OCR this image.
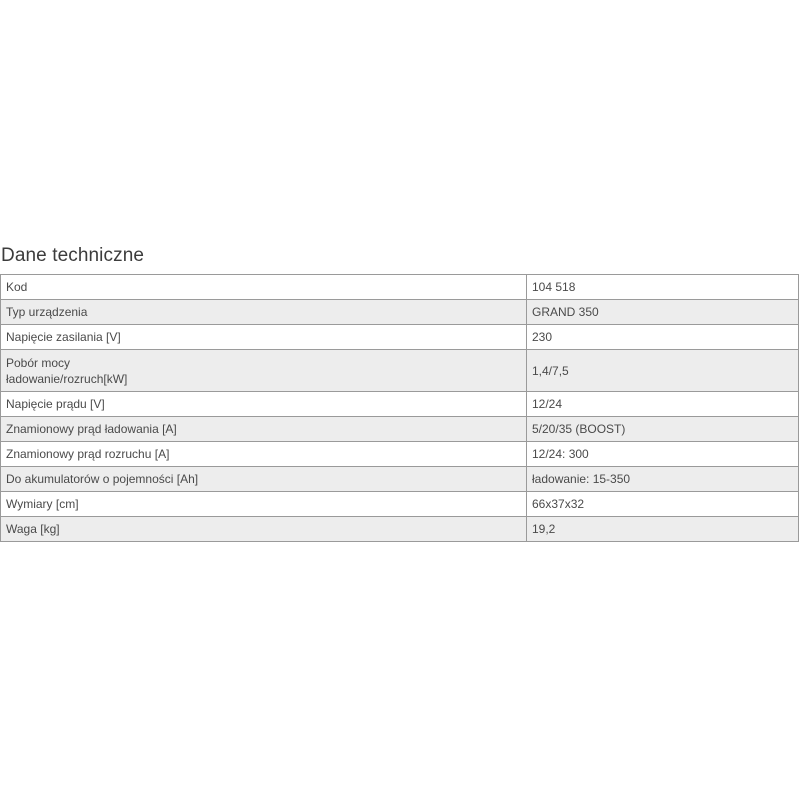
Dane techniczne
Kod	104 518
Typ urządzenia	GRAND 350
Napięcie zasilania [V]	230

Pobór mocy
ładowanie/rozruch[kW]	1,4/7,5
Napięcie prądu [V]	12/24
Znamionowy prąd ładowania [A]	5/20/35 (BOOST)
Znamionowy prąd rozruchu [A]	12/24: 300
Do akumulatorów o pojemności [Ah]	ładowanie: 15-350
Wymiary [cm]	66x37x32
Waga [kg]	19,2
